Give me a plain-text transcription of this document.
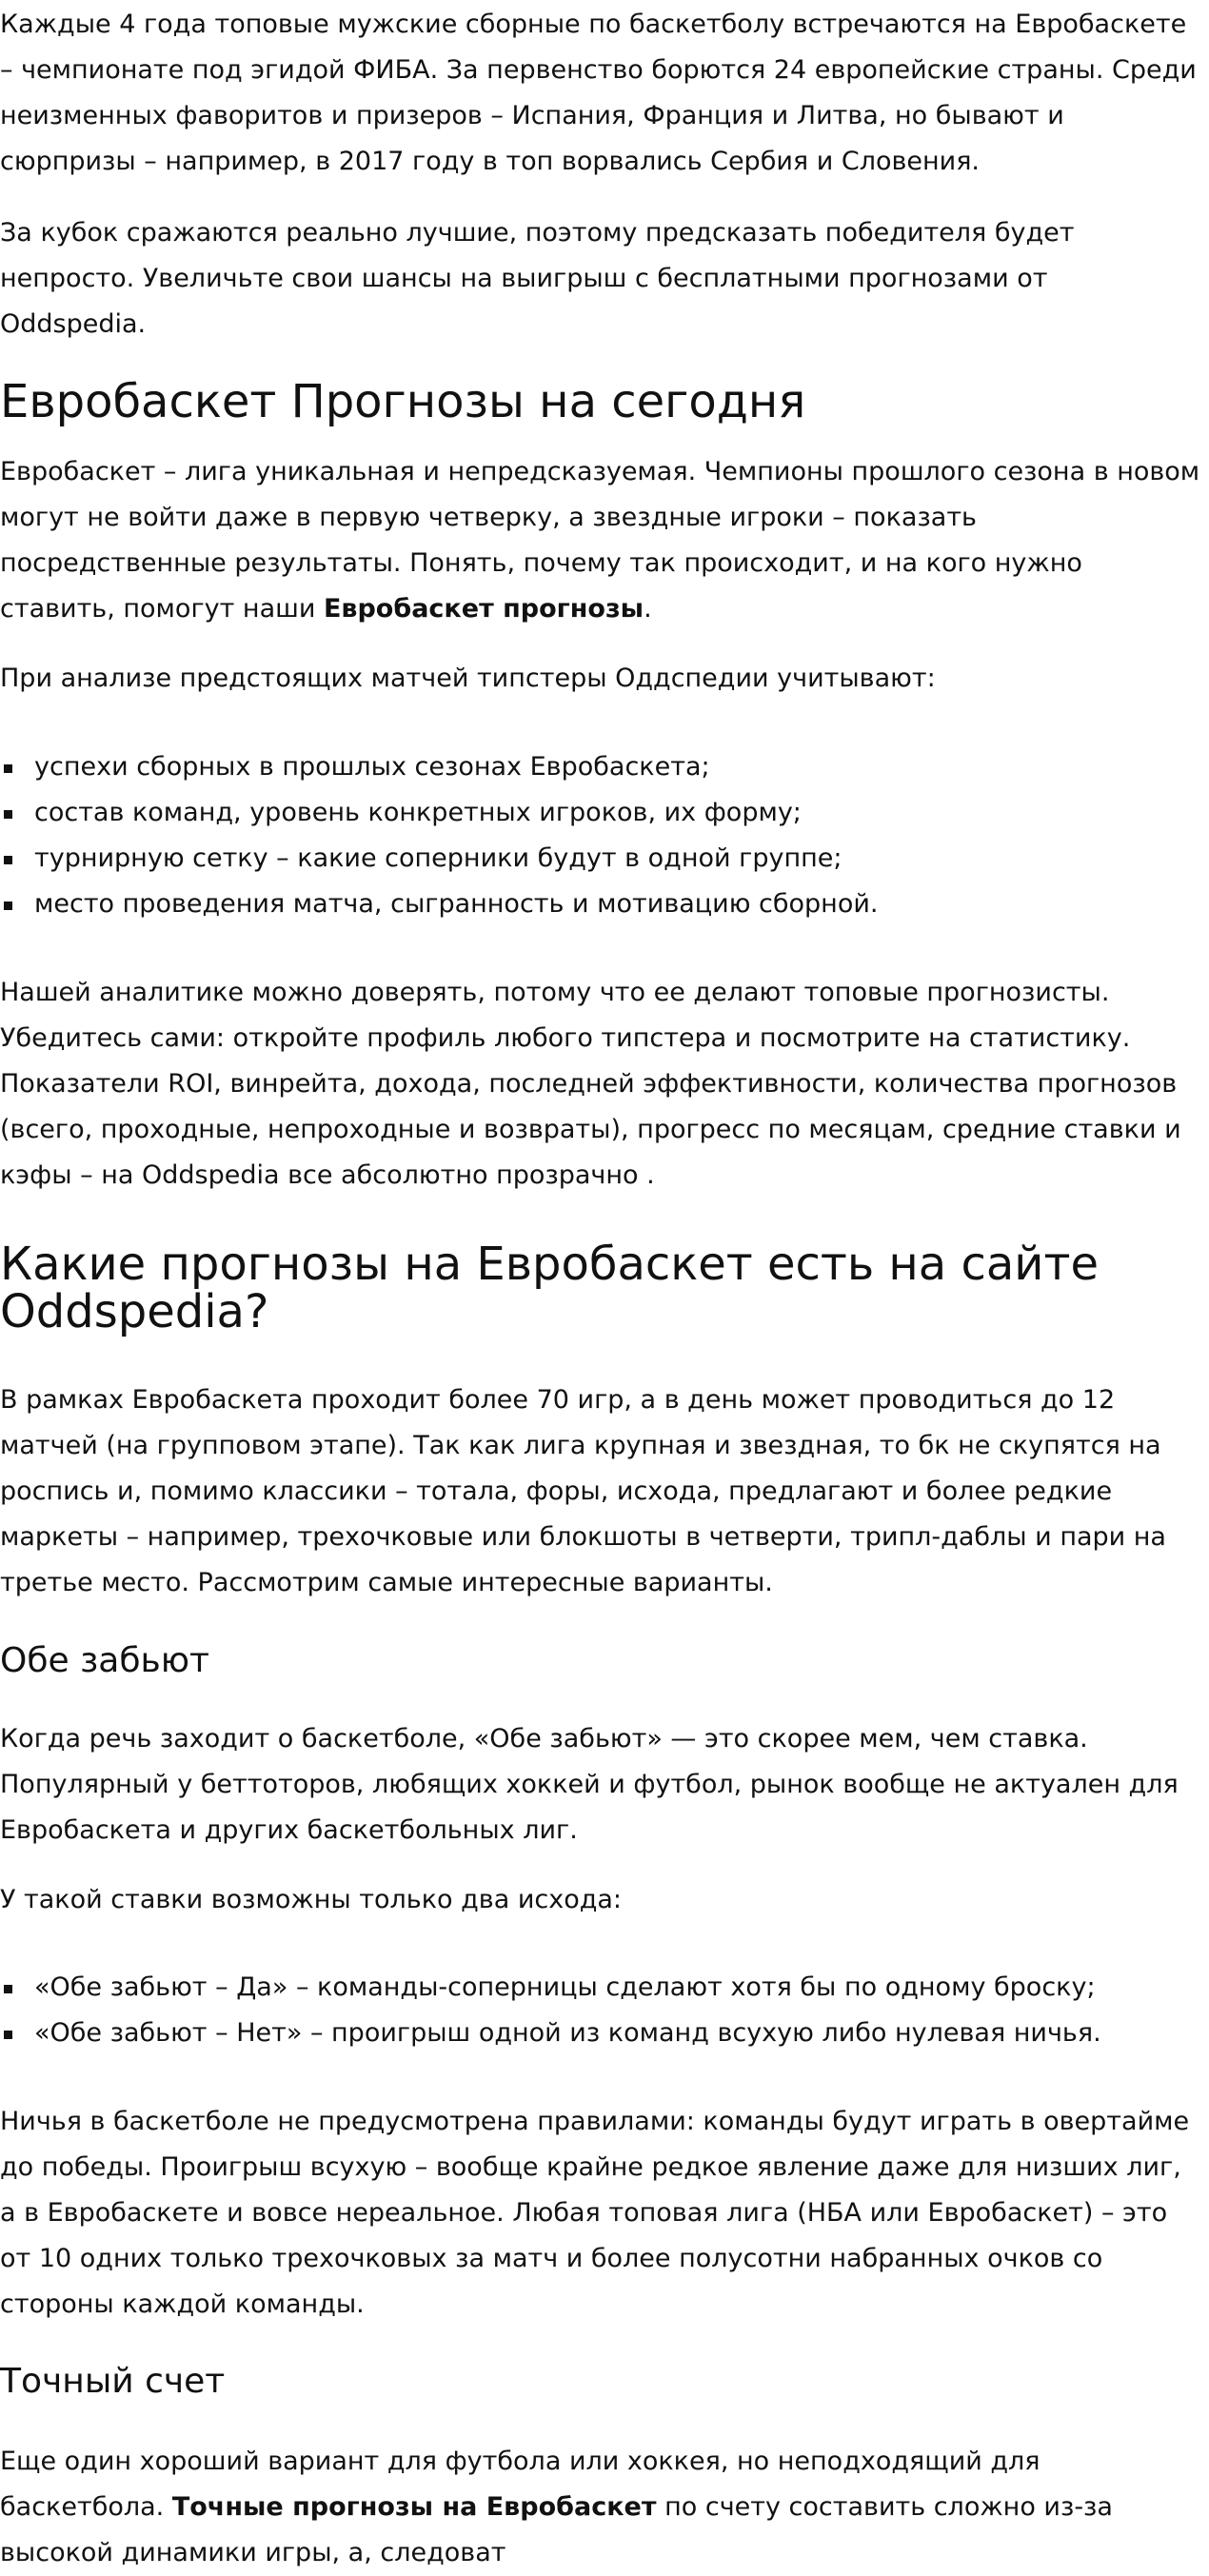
Каждые 4 года топовые мужские сборные по баскетболу встречаются на Евробаскете – чемпионате под эгидой ФИБА. За первенство борются 24 европейские страны. Среди неизменных фаворитов и призеров – Испания, Франция и Литва, но бывают и сюрпризы – например, в 2017 году в топ ворвались Сербия и Словения.

За кубок сражаются реально лучшие, поэтому предсказать победителя будет непросто. Увеличьте свои шансы на выигрыш с бесплатными прогнозами от Oddspedia.

Евробаскет Прогнозы на сегодня

Евробаскет – лига уникальная и непредсказуемая. Чемпионы прошлого сезона в новом могут не войти даже в первую четверку, а звездные игроки – показать посредственные результаты. Понять, почему так происходит, и на кого нужно ставить, помогут наши Евробаскет прогнозы.

При анализе предстоящих матчей типстеры Оддспедии учитывают:

успехи сборных в прошлых сезонах Евробаскета;
состав команд, уровень конкретных игроков, их форму;
турнирную сетку – какие соперники будут в одной группе;
место проведения матча, сыгранность и мотивацию сборной.

Нашей аналитике можно доверять, потому что ее делают топовые прогнозисты. Убедитесь сами: откройте профиль любого типстера и посмотрите на статистику. Показатели ROI, винрейта, дохода, последней эффективности, количества прогнозов (всего, проходные, непроходные и возвраты), прогресс по месяцам, средние ставки и кэфы – на Oddspedia все абсолютно прозрачно .

Какие прогнозы на Евробаскет есть на сайте Oddspedia?

В рамках Евробаскета проходит более 70 игр, а в день может проводиться до 12 матчей (на групповом этапе). Так как лига крупная и звездная, то бк не скупятся на роспись и, помимо классики – тотала, форы, исхода, предлагают и более редкие маркеты – например, трехочковые или блокшоты в четверти, трипл-даблы и пари на третье место. Рассмотрим самые интересные варианты.

Обе забьют

Когда речь заходит о баскетболе, «Обе забьют» — это скорее мем, чем ставка. Популярный у беттоторов, любящих хоккей и футбол, рынок вообще не актуален для Евробаскета и других баскетбольных лиг.

У такой ставки возможны только два исхода:

«Обе забьют – Да» – команды-соперницы сделают хотя бы по одному броску;
«Обе забьют – Нет» – проигрыш одной из команд всухую либо нулевая ничья.

Ничья в баскетболе не предусмотрена правилами: команды будут играть в овертайме до победы. Проигрыш всухую – вообще крайне редкое явление даже для низших лиг, а в Евробаскете и вовсе нереальное. Любая топовая лига (НБА или Евробаскет) – это от 10 одних только трехочковых за матч и более полусотни набранных очков со стороны каждой команды.

Точный счет

Еще один хороший вариант для футбола или хоккея, но неподходящий для баскетбола. Точные прогнозы на Евробаскет по счету составить сложно из-за высокой динамики игры, а, следоват
